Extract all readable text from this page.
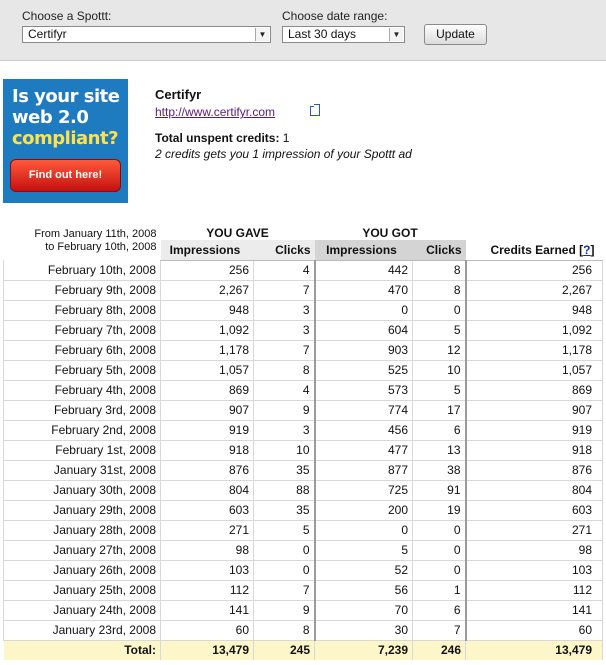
Choose a Spottt:
Certifyr	▼
Choose date range:
Last 30 days	▼	Update
Is your site
web 2.0
compliant?
Find out here!
Certifyr
http://www.certifyr.com
Total unspent credits: 1
2 credits gets you 1 impression of your Spottt ad
From January 11th, 2008
to February 10th, 2008	YOU GAVE		YOU GOT		
	Impressions	Clicks	Impressions	Clicks	Credits Earned [?]
February 10th, 2008	256	4	442	8	256
February 9th, 2008	2,267	7	470	8	2,267
February 8th, 2008	948	3	0	0	948
February 7th, 2008	1,092	3	604	5	1,092
February 6th, 2008	1,178	7	903	12	1,178
February 5th, 2008	1,057	8	525	10	1,057
February 4th, 2008	869	4	573	5	869
February 3rd, 2008	907	9	774	17	907
February 2nd, 2008	919	3	456	6	919
February 1st, 2008	918	10	477	13	918
January 31st, 2008	876	35	877	38	876
January 30th, 2008	804	88	725	91	804
January 29th, 2008	603	35	200	19	603
January 28th, 2008	271	5	0	0	271
January 27th, 2008	98	0	5	0	98
January 26th, 2008	103	0	52	0	103
January 25th, 2008	112	7	56	1	112
January 24th, 2008	141	9	70	6	141
January 23rd, 2008	60	8	30	7	60
Total:	13,479	245	7,239	246	13,479
